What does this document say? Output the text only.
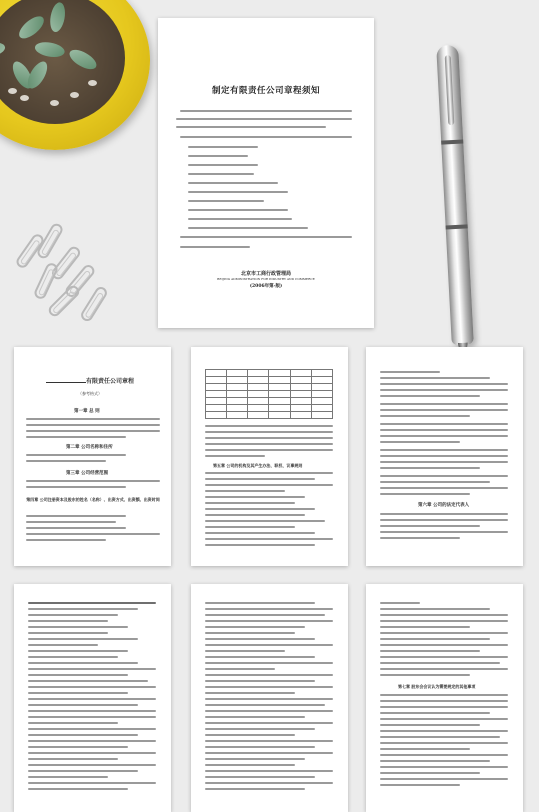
制定有限责任公司章程须知
北京市工商行政管理局
BEIJING ADMINISTRATION FOR INDUSTRY AND COMMERCE
(2006年第-版)
有限责任公司章程
（参考格式）
第一章 总 则
第二章 公司名称和住所
第三章 公司经营范围
第四章 公司注册资本及股东的姓名（名称）、出资方式、出资额、出资时间

第五章 公司的机构及其产生办法、职权、议事规则
第六章 公司的法定代表人
第七章 股东会会议认为需要规定的其他事项
